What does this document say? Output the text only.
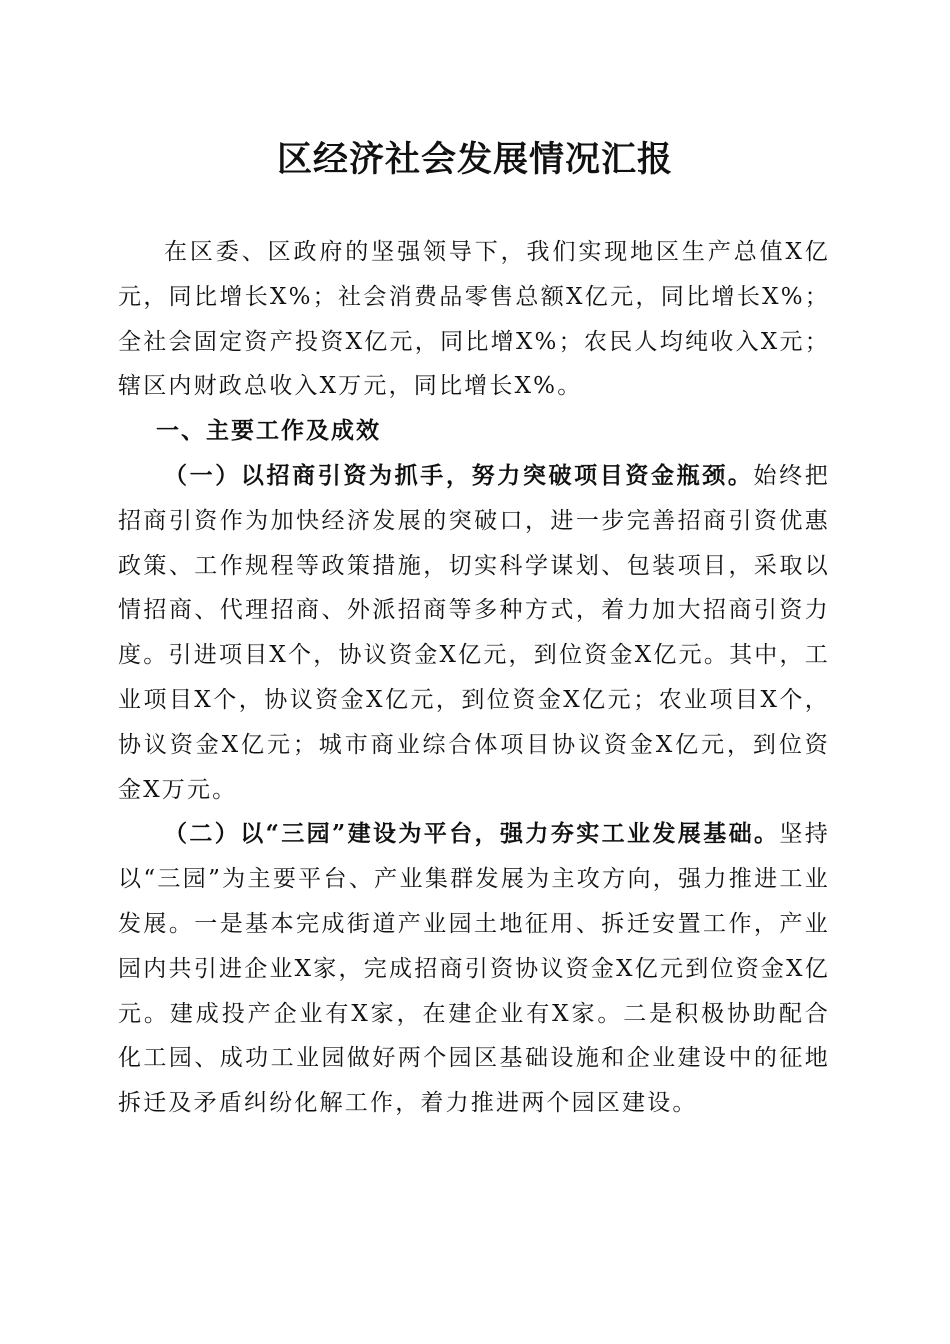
区经济社会发展情况汇报

在区委、区政府的坚强领导下，我们实现地区生产总值X亿元，同比增长X%；社会消费品零售总额X亿元，同比增长X%；全社会固定资产投资X亿元，同比增X%；农民人均纯收入X元；辖区内财政总收入X万元，同比增长X%。

一、主要工作及成效

（一）以招商引资为抓手，努力突破项目资金瓶颈。始终把招商引资作为加快经济发展的突破口，进一步完善招商引资优惠政策、工作规程等政策措施，切实科学谋划、包装项目，采取以情招商、代理招商、外派招商等多种方式，着力加大招商引资力度。引进项目X个，协议资金X亿元，到位资金X亿元。其中，工业项目X个，协议资金X亿元，到位资金X亿元；农业项目X个，协议资金X亿元；城市商业综合体项目协议资金X亿元，到位资金X万元。

（二）以“三园”建设为平台，强力夯实工业发展基础。坚持以“三园”为主要平台、产业集群发展为主攻方向，强力推进工业发展。一是基本完成街道产业园土地征用、拆迁安置工作，产业园内共引进企业X家，完成招商引资协议资金X亿元到位资金X亿元。建成投产企业有X家，在建企业有X家。二是积极协助配合化工园、成功工业园做好两个园区基础设施和企业建设中的征地拆迁及矛盾纠纷化解工作，着力推进两个园区建设。
